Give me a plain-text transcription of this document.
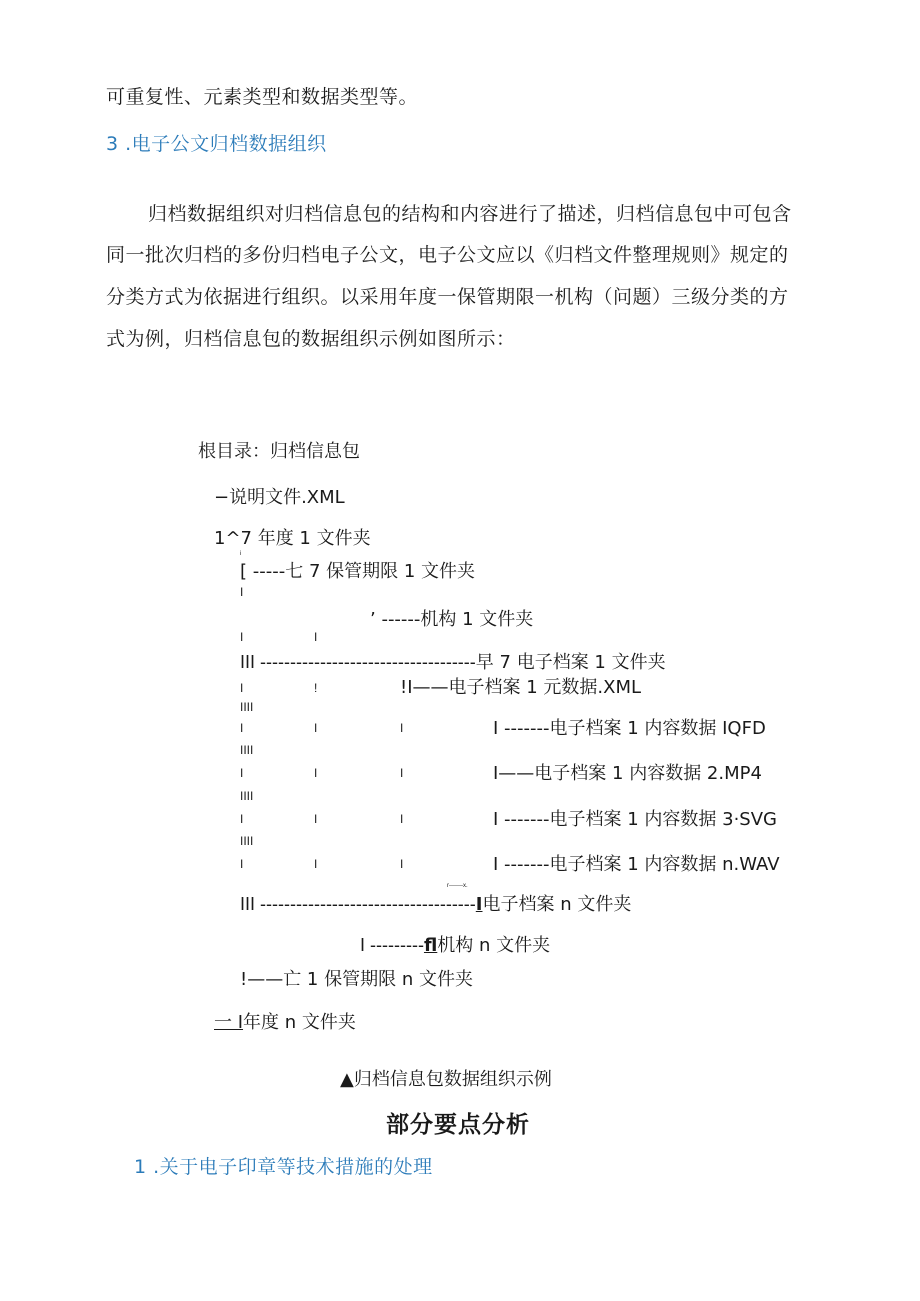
可重复性、元素类型和数据类型等。
3 .电子公文归档数据组织
归档数据组织对归档信息包的结构和内容进行了描述，归档信息包中可包含
同一批次归档的多份归档电子公文，电子公文应以《归档文件整理规则》规定的
分类方式为依据进行组织。以采用年度一保管期限一机构（问题）三级分类的方
式为例，归档信息包的数据组织示例如图所示：
根目录：归档信息包
−说明文件.XML
1^7 年度 1 文件夹
i
[ -----七 7 保管期限 1 文件夹
I
’ ------机构 1 文件夹
I	I
III ------------------------------------早 7 电子档案 1 文件夹
I	!	!I——电子档案 1 元数据.XML
IIII
I	I	I	I -------电子档案 1 内容数据 IQFD
IIII
I	I	I	I——电子档案 1 内容数据 2.MP4
IIII
I	I	I	I -------电子档案 1 内容数据 3·SVG
IIII
I	I	I	I -------电子档案 1 内容数据 n.WAV
r-------x.
III ------------------------------------I电子档案 n 文件夹
I ---------fl机构 n 文件夹
!——亡 1 保管期限 n 文件夹
一 I年度 n 文件夹
▲归档信息包数据组织示例
部分要点分析
1 .关于电子印章等技术措施的处理
